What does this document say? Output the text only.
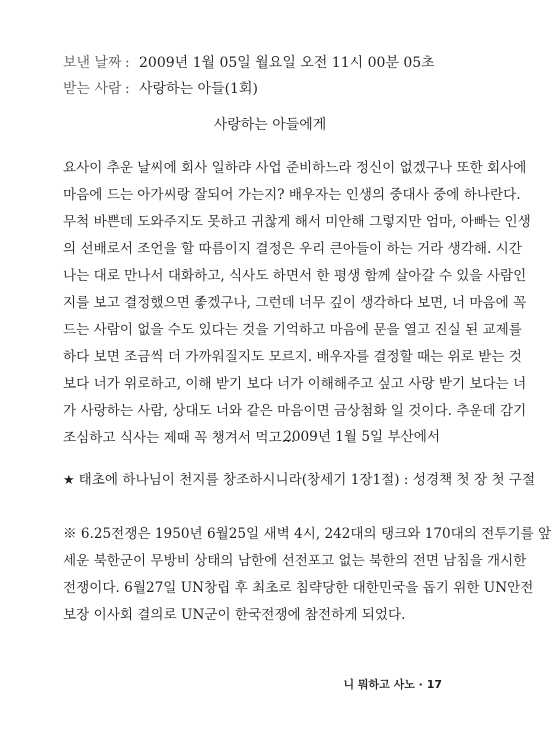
보낸 날짜 : 2009년 1월 05일 월요일 오전 11시 00분 05초
받는 사람 : 사랑하는 아들(1회)
사랑하는 아들에게
요사이 추운 날씨에 회사 일하랴 사업 준비하느라 정신이 없겠구나 또한 회사에
마음에 드는 아가씨랑 잘되어 가는지? 배우자는 인생의 중대사 중에 하나란다.
무척 바쁜데 도와주지도 못하고 귀찮게 해서 미안해 그렇지만 엄마, 아빠는 인생
의 선배로서 조언을 할 따름이지 결정은 우리 큰아들이 하는 거라 생각해. 시간
나는 대로 만나서 대화하고, 식사도 하면서 한 평생 함께 살아갈 수 있을 사람인
지를 보고 결정했으면 좋겠구나, 그런데 너무 깊이 생각하다 보면, 너 마음에 꼭
드는 사람이 없을 수도 있다는 것을 기억하고 마음에 문을 열고 진실 된 교제를
하다 보면 조금씩 더 가까워질지도 모르지. 배우자를 결정할 때는 위로 받는 것
보다 너가 위로하고, 이해 받기 보다 너가 이해해주고 싶고 사랑 받기 보다는 너
가 사랑하는 사람, 상대도 너와 같은 마음이면 금상첨화 일 것이다. 추운데 감기
조심하고 식사는 제때 꼭 챙겨서 먹고…
2009년 1월 5일 부산에서
★ 태초에 하나님이 천지를 창조하시니라(창세기 1장1절) : 성경책 첫 장 첫 구절
※ 6.25전쟁은 1950년 6월25일 새벽 4시, 242대의 탱크와 170대의 전투기를 앞
세운 북한군이 무방비 상태의 남한에 선전포고 없는 북한의 전면 남침을 개시한
전쟁이다. 6월27일 UN창립 후 최초로 침략당한 대한민국을 돕기 위한 UN안전
보장 이사회 결의로 UN군이 한국전쟁에 참전하게 되었다.
니 뭐하고 사노 · 17
